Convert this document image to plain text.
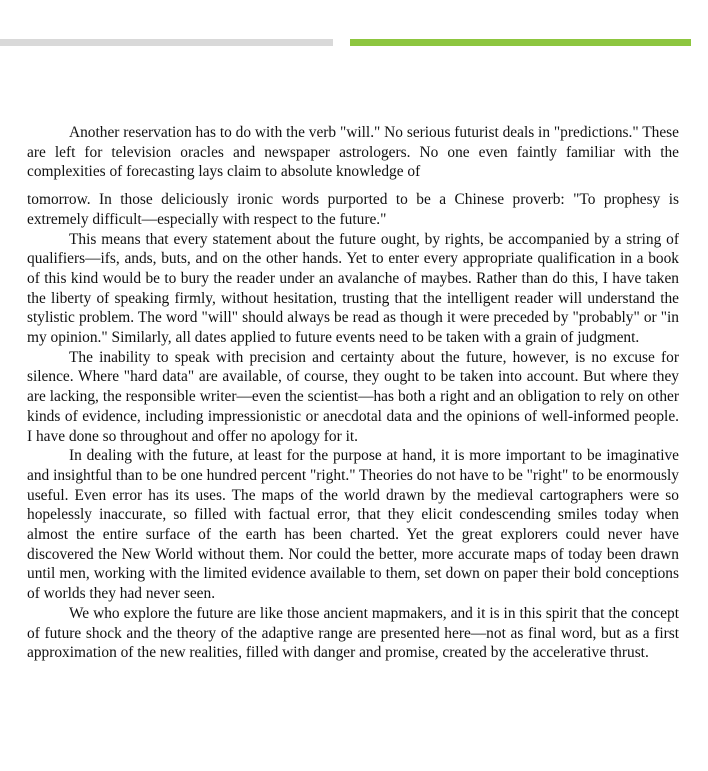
Another reservation has to do with the verb "will." No serious futurist deals in "predictions." These are left for television oracles and newspaper astrologers. No one even faintly familiar with the complexities of forecasting lays claim to absolute knowledge of

tomorrow. In those deliciously ironic words purported to be a Chinese proverb: "To prophesy is extremely difficult—especially with respect to the future."

This means that every statement about the future ought, by rights, be accompanied by a string of qualifiers—ifs, ands, buts, and on the other hands. Yet to enter every appropriate qualification in a book of this kind would be to bury the reader under an avalanche of maybes. Rather than do this, I have taken the liberty of speaking firmly, without hesitation, trusting that the intelligent reader will understand the stylistic problem. The word "will" should always be read as though it were preceded by "probably" or "in my opinion." Similarly, all dates applied to future events need to be taken with a grain of judgment.

The inability to speak with precision and certainty about the future, however, is no excuse for silence. Where "hard data" are available, of course, they ought to be taken into account. But where they are lacking, the responsible writer—even the scientist—has both a right and an obligation to rely on other kinds of evidence, including impressionistic or anecdotal data and the opinions of well-informed people. I have done so throughout and offer no apology for it.

In dealing with the future, at least for the purpose at hand, it is more important to be imaginative and insightful than to be one hundred percent "right." Theories do not have to be "right" to be enormously useful. Even error has its uses. The maps of the world drawn by the medieval cartographers were so hopelessly inaccurate, so filled with factual error, that they elicit condescending smiles today when almost the entire surface of the earth has been charted. Yet the great explorers could never have discovered the New World without them. Nor could the better, more accurate maps of today been drawn until men, working with the limited evidence available to them, set down on paper their bold conceptions of worlds they had never seen.

We who explore the future are like those ancient mapmakers, and it is in this spirit that the concept of future shock and the theory of the adaptive range are presented here—not as final word, but as a first approximation of the new realities, filled with danger and promise, created by the accelerative thrust.
